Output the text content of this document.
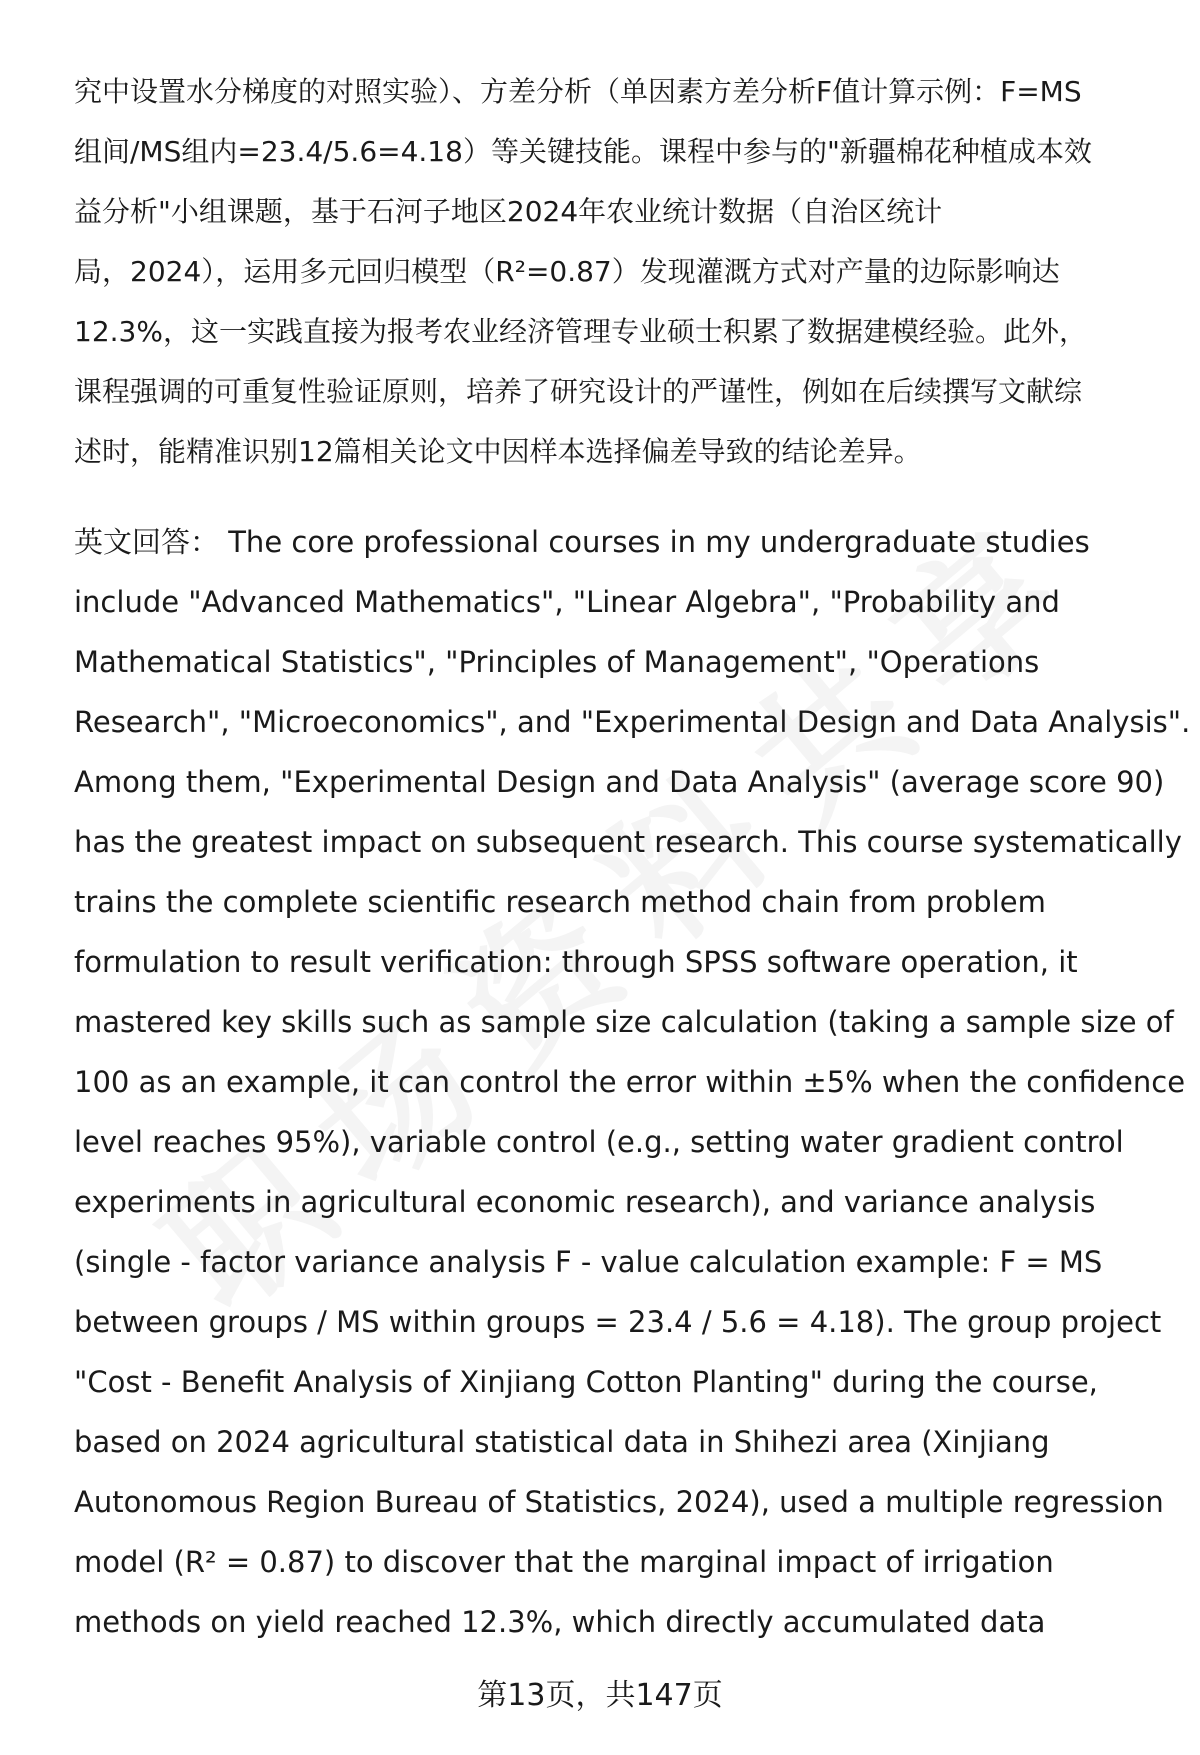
究中设置水分梯度的对照实验）、方差分析（单因素方差分析F值计算示例：F=MS
组间/MS组内=23.4/5.6=4.18）等关键技能。课程中参与的"新疆棉花种植成本效
益分析"小组课题，基于石河子地区2024年农业统计数据（自治区统计
局，2024），运用多元回归模型（R²=0.87）发现灌溉方式对产量的边际影响达
12.3%，这一实践直接为报考农业经济管理专业硕士积累了数据建模经验。此外，
课程强调的可重复性验证原则，培养了研究设计的严谨性，例如在后续撰写文献综
述时，能精准识别12篇相关论文中因样本选择偏差导致的结论差异。
英文回答： The core professional courses in my undergraduate studies
include "Advanced Mathematics", "Linear Algebra", "Probability and
Mathematical Statistics", "Principles of Management", "Operations
Research", "Microeconomics", and "Experimental Design and Data Analysis".
Among them, "Experimental Design and Data Analysis" (average score 90)
has the greatest impact on subsequent research. This course systematically
trains the complete scientific research method chain from problem
formulation to result verification: through SPSS software operation, it
mastered key skills such as sample size calculation (taking a sample size of
100 as an example, it can control the error within ±5% when the confidence
level reaches 95%), variable control (e.g., setting water gradient control
experiments in agricultural economic research), and variance analysis
(single - factor variance analysis F - value calculation example: F = MS
between groups / MS within groups = 23.4 / 5.6 = 4.18). The group project
"Cost - Benefit Analysis of Xinjiang Cotton Planting" during the course,
based on 2024 agricultural statistical data in Shihezi area (Xinjiang
Autonomous Region Bureau of Statistics, 2024), used a multiple regression
model (R² = 0.87) to discover that the marginal impact of irrigation
methods on yield reached 12.3%, which directly accumulated data
第13页，共147页
